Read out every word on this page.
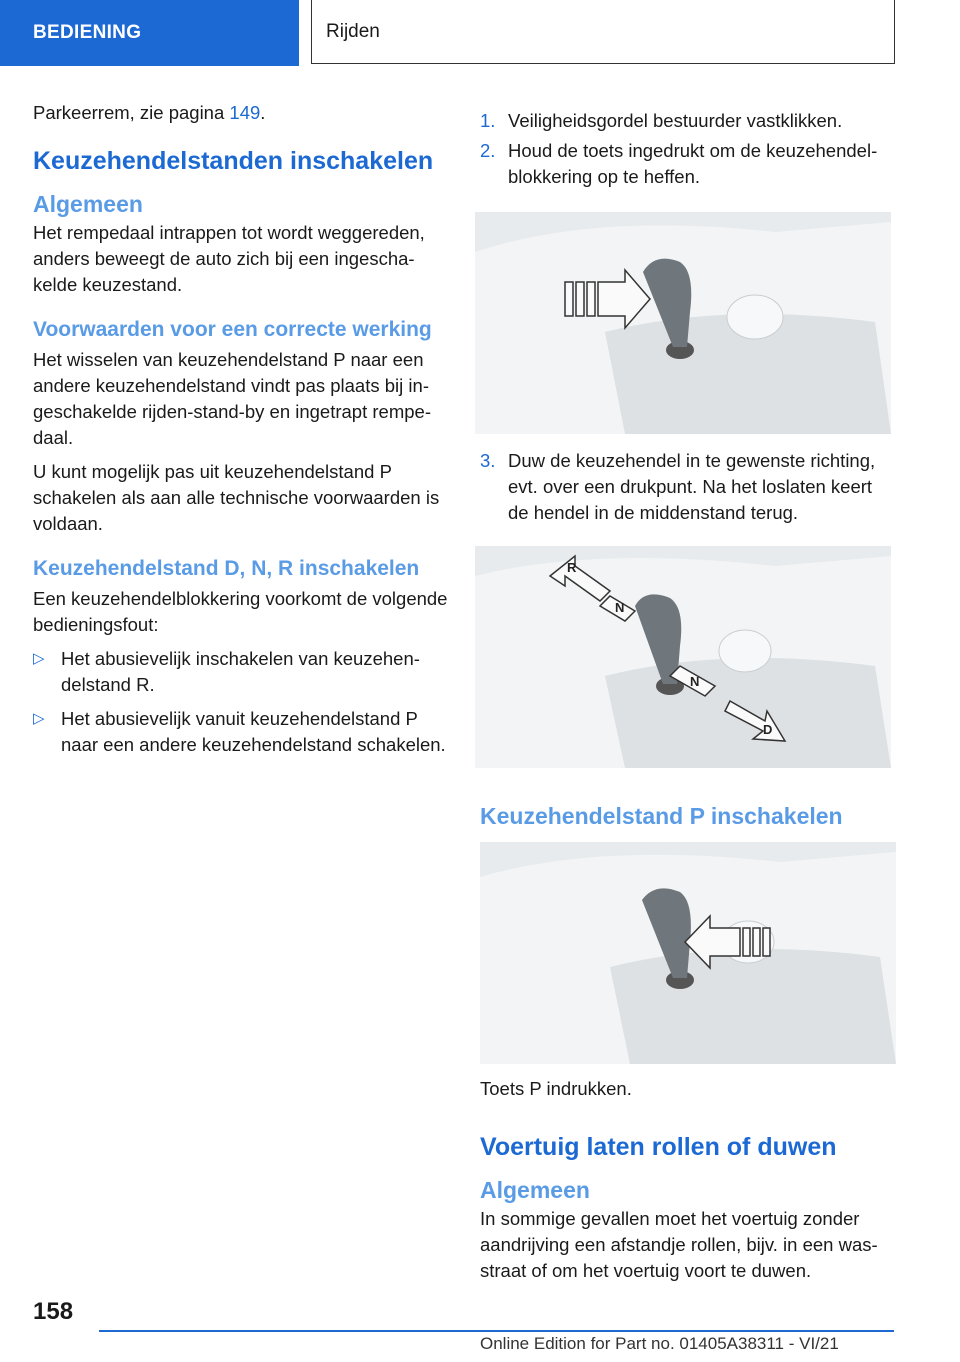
BEDIENING	Rijden

Parkeerrem, zie pagina 149.

Keuzehendelstanden inschakelen
Algemeen

Het rempedaal intrappen tot wordt weggereden, anders beweegt de auto zich bij een ingeschakelde keuzestand.

Voorwaarden voor een correcte werking

Het wisselen van keuzehendelstand P naar een andere keuzehendelstand vindt pas plaats bij ingeschakelde rijden-stand-by en ingetrapt rempedaal.

U kunt mogelijk pas uit keuzehendelstand P schakelen als aan alle technische voorwaarden is voldaan.

Keuzehendelstand D, N, R inschakelen

Een keuzehendelblokkering voorkomt de volgende bedieningsfout:

▷ Het abusievelijk inschakelen van keuzehendelstand R.
▷ Het abusievelijk vanuit keuzehendelstand P naar een andere keuzehendelstand schakelen.
1. Veiligheidsgordel bestuurder vastklikken.
2. Houd de toets ingedrukt om de keuzehendelblokkering op te heffen.
3. Duw de keuzehendel in te gewenste richting, evt. over een drukpunt. Na het loslaten keert de hendel in de middenstand terug.
R
N
N
D
Keuzehendelstand P inschakelen

Toets P indrukken.

Voertuig laten rollen of duwen
Algemeen

In sommige gevallen moet het voertuig zonder aandrijving een afstandje rollen, bijv. in een wasstraat of om het voertuig voort te duwen.

158
Online Edition for Part no. 01405A38311 - VI/21
